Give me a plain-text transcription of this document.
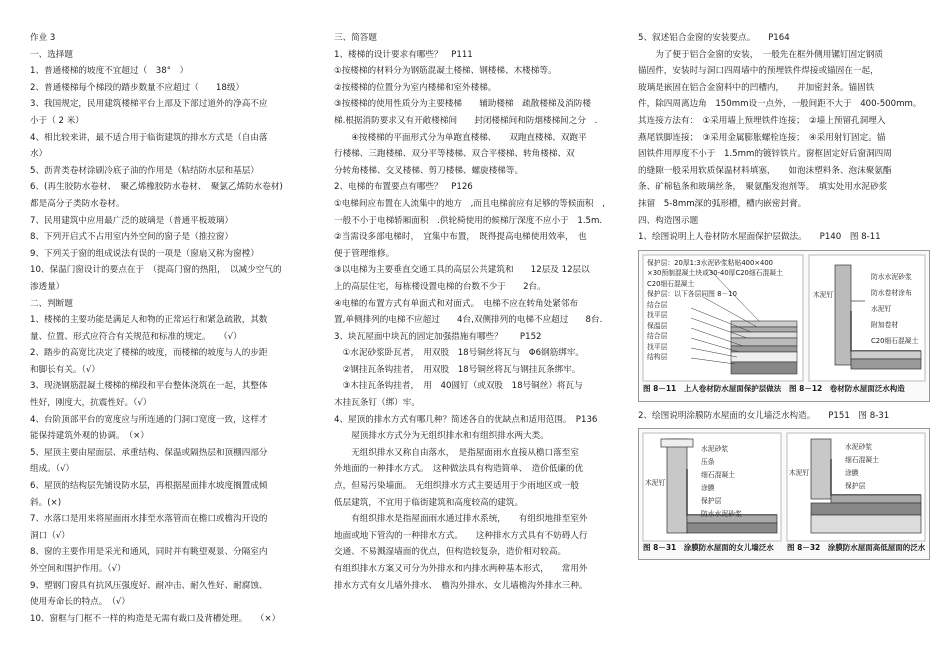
作业 3

一、选择题

1、普通楼梯的坡度不宜超过（　38°　）

2、普通楼梯每个梯段的踏步数量不应超过（　　18级）

3、我国规定，民用建筑楼梯平台上部及下部过道外的净高不应

小于（ 2 米）

4、相比较来讲，最不适合用于临街建筑的排水方式是（自由落

水）

5、沥青类卷材涂刷冷底子油的作用是（粘结防水层和基层）

6、(再生胶防水卷材、　聚乙烯橡胶防水卷材、　聚氯乙烯防水卷材)

都是高分子类防水卷材。

7、民用建筑中应用最广泛的玻璃是（普通平板玻璃）

8、下列开启式不占用室内外空间的窗子是（推拉窗）

9、下列关于窗的组成说法有误的一项是（窗扇又称为窗樘）

10、保温门窗设计的要点在于　（提高门窗的热阻，　以减少空气的

渗透量）

二、判断题

1、楼梯的主要功能是满足人和物的正常运行和紧急疏散，其数

量、位置、形式应符合有关规范和标准的规定。　　（√）

2、踏步的高宽比决定了楼梯的坡度，而楼梯的坡度与人的步距

和脚长有关。（√）

3、现浇钢筋混凝土楼梯的梯段和平台整体浇筑在一起，其整体

性好，刚度大，抗震性好。（√）

4、台阶顶部平台的宽度应与所连通的门洞口宽度一致，这样才

能保持建筑外观的协调。　（×）

5、屋顶主要由屋面层、承重结构、保温或隔热层和顶棚四部分

组成。（√）

6、屋顶的结构层先铺设防水层，再根据屋面排水坡度搁置成倾

斜。(×)

7、水落口是用来将屋面雨水排至水落管而在檐口或檐沟开设的

洞口（√）

8、窗的主要作用是采光和通风，同时并有眺望观景、分隔室内

外空间和围护作用。（√）

9、塑钢门窗具有抗风压强度好、耐冲击、耐久性好、耐腐蚀、

使用寿命长的特点。　（√）

10、窗框与门框不一样的构造是无需有裁口及背槽处理。　　（×）

三、简答题

1、楼梯的设计要求有哪些？　P111

①按楼梯的材料分为钢筋混凝土楼梯、钢楼梯、木楼梯等。

②按楼梯的位置分为室内楼梯和室外楼梯。

③按楼梯的使用性质分为主要楼梯　　辅助楼梯　疏散楼梯及消防楼

梯.根据消防要求又有开敞楼梯间　　封闭楼梯间和防烟楼梯间之分　.

　　④按楼梯的平面形式分为单跑直楼梯、　　双跑直楼梯、双跑平

行楼梯、三跑楼梯、双分平等楼梯、双合平楼梯、转角楼梯、双

分转角楼梯、交叉楼梯、剪刀楼梯、螺旋楼梯等。

2、电梯的布置要点有哪些？　P126

①电梯间应布置在人流集中的地方　,而且电梯前应有足够的等候面积　,

一般不小于电梯轿厢面积　.供轮椅使用的候梯厅深度不应小于　1.5m.

②当需设多部电梯时，　宜集中布置，　既得提高电梯使用效率，　也

便于管理维修。

③以电梯为主要垂直交通工具的高层公共建筑和　　12层及 12层以

上的高层住宅，每栋楼设置电梯的台数不少于　　2台。

④电梯的布置方式有单面式和对面式。　电梯不应在转角处紧邻布

置,单侧排列的电梯不应超过　　4台,双侧排列的电梯不应超过　　8台.

3、块瓦屋面中块瓦的固定加强措施有哪些？　　P152

　①水泥砂浆卧瓦者，　用双股　18号铜丝将瓦与　Φ6钢筋绑牢。

　②钢挂瓦条钩挂者，　用双股　18号铜丝将瓦与钢挂瓦条绑牢。

　③木挂瓦条钩挂者，　用　40圆钉（或双股　18号铜丝）将瓦与

木挂瓦条钉（绑）牢。

4、屋顶的排水方式有哪几种？简述各自的优缺点和适用范围。　P136

　　屋顶排水方式分为无组织排水和有组织排水两大类。

　　无组织排水又称自由落水，　是指屋面雨水直接从檐口落至室

外地面的一种排水方式。　这种做法具有构造简单、　造价低廉的优

点，但易污染墙面。　无组织排水方式主要适用于少雨地区或一般

低层建筑，不宜用于临街建筑和高度较高的建筑。

　　有组织排水是指屋面雨水通过排水系统，　　有组织地排至室外

地面或地下管沟的一种排水方式。　　这种排水方式具有不妨碍人行

交通、不易溅湿墙面的优点，但构造较复杂，造价相对较高。

有组织排水方案又可分为外排水和内排水两种基本形式，　　常用外

排水方式有女儿墙外排水、　檐沟外排水、女儿墙檐沟外排水三种。

5、叙述铝合金窗的安装要点。　　P164

　　为了便于铝合金窗的安装，　一般先在框外侧用镙钉固定钢质

锚固件，安装时与洞口四周墙中的预埋铁件焊接或锚固在一起，

玻璃是嵌固在铝合金窗料中的凹槽内，　　并加密封条。锚固铁

件，除四周离边角　150mm设一点外，一般间距不大于　400-500mm。

其连接方法有：　①采用墙上预埋铁件连接；　②墙上预留孔洞埋入

燕尾铁脚连接；　③采用金属膨胀螺栓连接；　④采用射钉固定。锚

固铁件用厚度不小于　1.5mm的镀锌铁片。窗框固定好后窗洞四周

的缝隙一般采用软质保温材料填塞，　　如泡沫塑料条、泡沫聚氨酯

条、矿棉毡条和玻璃丝条，　聚氨酯发泡剂等。　填实处用水泥砂浆

抹留　5-8mm深的弧形槽，槽内嵌密封膏。

四、构造图示题

1、绘图说明上人卷材防水屋面保护层做法。　　P140　图 8-11

保护层：20厚1:3水泥砂浆粘贴400×400
×30预制混凝土块或30-40厚C20细石混凝土
C20细石混凝土
保护层：以下各层同图 8－10
结合层
找平层
保温层
结合层
找平层
结构层
防水水泥砂浆
防水卷材涂布
水泥钉
附加卷材
C20细石混凝土
木泥钉
图 8－11　上人卷材防水屋面保护层做法 图 8－12　卷材防水屋面泛水构造

2、绘图说明涂膜防水屋面的女儿墙泛水构造。　　P151　图 8-31

水泥砂浆
压条
细石混凝土
涂膜
保护层
防水水泥砂浆
水泥砂浆
细石混凝土
涂膜
保护层
木泥钉
木泥钉
图 8－31　涂膜防水屋面的女儿墙泛水 图 8－32　涂膜防水屋面高低屋面的泛水
